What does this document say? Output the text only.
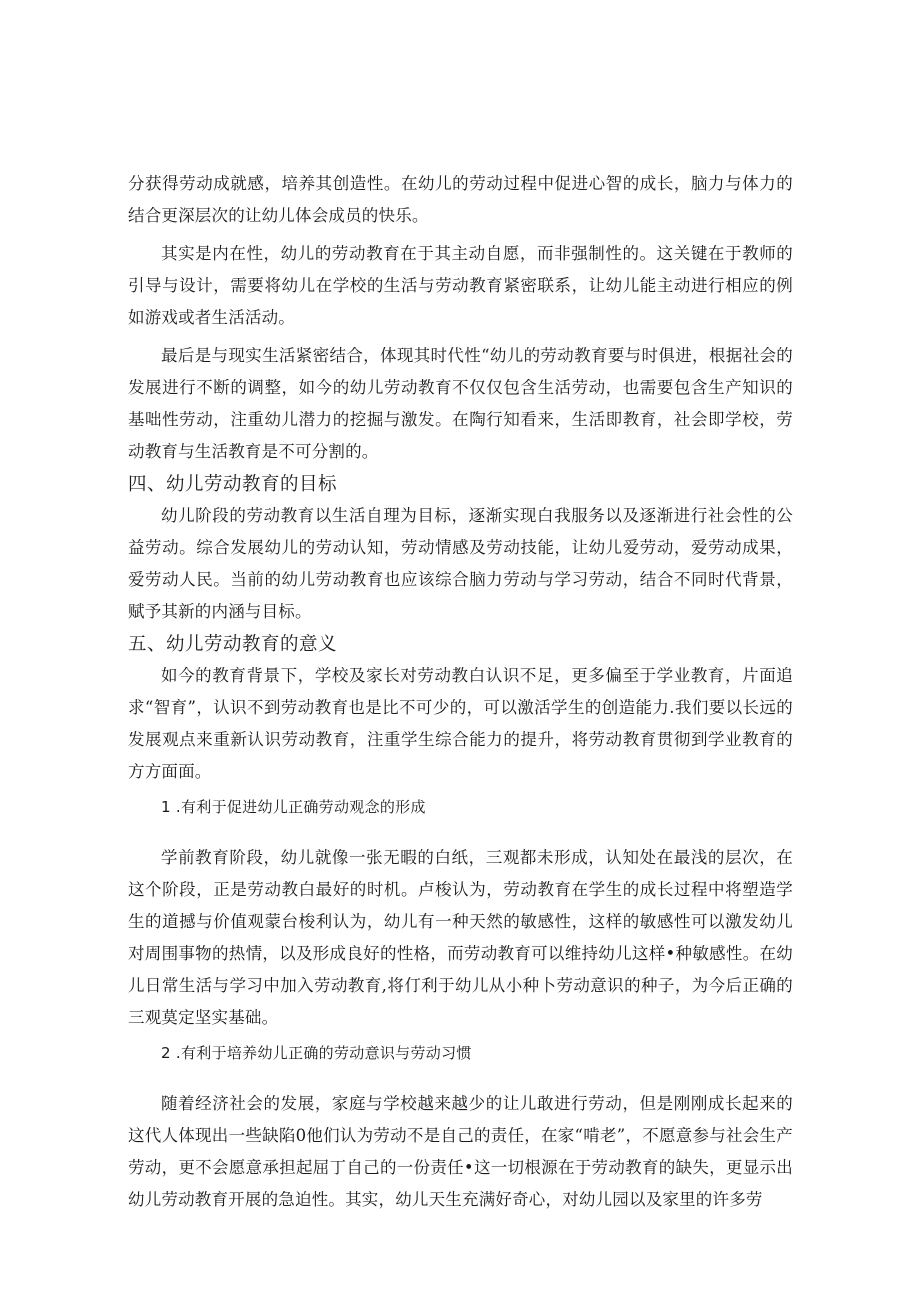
分获得劳动成就感，培养其创造性。在幼儿的劳动过程中促进心智的成长，脑力与体力的结合更深层次的让幼儿体会成员的快乐。

其实是内在性，幼儿的劳动教育在于其主动自愿，而非强制性的。这关键在于教师的引导与设计，需要将幼儿在学校的生活与劳动教育紧密联系，让幼儿能主动进行相应的例如游戏或者生活活动。

最后是与现实生活紧密结合，体现其时代性“幼儿的劳动教育要与时俱进，根据社会的发展进行不断的调整，如今的幼儿劳动教育不仅仅包含生活劳动，也需要包含生产知识的基咄性劳动，注重幼儿潜力的挖掘与激发。在陶行知看来，生活即教育，社会即学校，劳动教育与生活教育是不可分割的。

四、幼儿劳动教育的目标

幼儿阶段的劳动教育以生活自理为目标，逐渐实现白我服务以及逐渐进行社会性的公益劳动。综合发展幼儿的劳动认知，劳动情感及劳动技能，让幼儿爱劳动，爱劳动成果，爱劳动人民。当前的幼儿劳动教育也应该综合脑力劳动与学习劳动，结合不同时代背景，赋予其新的内涵与目标。

五、幼儿劳动教育的意义

如今的教育背景下，学校及家长对劳动教白认识不足，更多偏至于学业教育，片面追求“智育”，认识不到劳动教育也是比不可少的，可以激活学生的创造能力.我们要以长远的发展观点来重新认识劳动教育，注重学生综合能力的提升，将劳动教育贯彻到学业教育的方方面面。

1 .有利于促进幼儿正确劳动观念的形成

学前教育阶段，幼儿就像一张无暇的白纸，三观都未形成，认知处在最浅的层次，在这个阶段，正是劳动教白最好的时机。卢梭认为，劳动教育在学生的成长过程中将塑造学生的道撼与价值观蒙台梭利认为，幼儿有一种天然的敏感性，这样的敏感性可以激发幼儿对周围事物的热情，以及形成良好的性格，而劳动教育可以维持幼儿这样•种敏感性。在幼儿日常生活与学习中加入劳动教育,将仃利于幼儿从小种卜劳动意识的种子，为今后正确的三观莫定坚实基础。

2 .有利于培养幼儿正确的劳动意识与劳动习惯

随着经济社会的发展，家庭与学校越来越少的让儿敢进行劳动，但是刚刚成长起来的这代人体现出一些缺陷0他们认为劳动不是自己的责任，在家“啃老”，不愿意参与社会生产劳动，更不会愿意承担起屈丁自己的一份责任•这一切根源在于劳动教育的缺失，更显示出幼儿劳动教育开展的急迫性。其实，幼儿天生充满好奇心，对幼儿园以及家里的许多劳
